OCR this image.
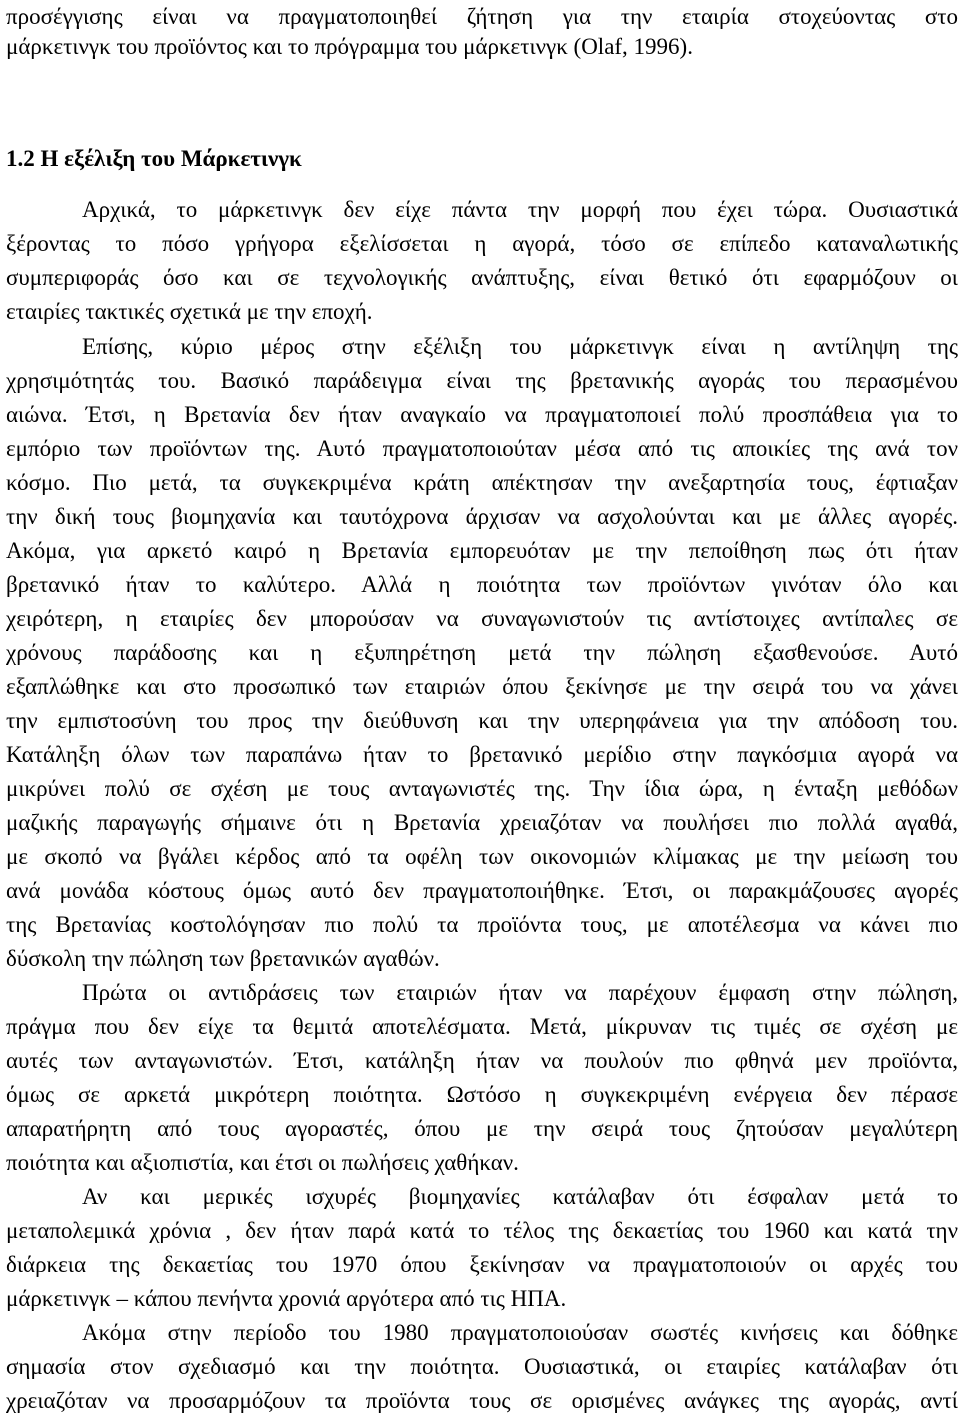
προσέγγισης είναι να πραγματοποιηθεί ζήτηση για την εταιρία στοχεύοντας στο
μάρκετινγκ του προϊόντος και το πρόγραμμα του μάρκετινγκ (Olaf, 1996).
1.2 Η εξέλιξη του Μάρκετινγκ
Αρχικά, το μάρκετινγκ δεν είχε πάντα την μορφή που έχει τώρα. Ουσιαστικά
ξέροντας το πόσο γρήγορα εξελίσσεται η αγορά, τόσο σε επίπεδο καταναλωτικής
συμπεριφοράς όσο και σε τεχνολογικής ανάπτυξης, είναι θετικό ότι εφαρμόζουν οι
εταιρίες τακτικές σχετικά με την εποχή.
Επίσης, κύριο μέρος στην εξέλιξη του μάρκετινγκ είναι η αντίληψη της
χρησιμότητάς του. Βασικό παράδειγμα είναι της βρετανικής αγοράς του περασμένου
αιώνα. Έτσι, η Βρετανία δεν ήταν αναγκαίο να πραγματοποιεί πολύ προσπάθεια για το
εμπόριο των προϊόντων της. Αυτό πραγματοποιούταν μέσα από τις αποικίες της ανά τον
κόσμο. Πιο μετά, τα συγκεκριμένα κράτη απέκτησαν την ανεξαρτησία τους, έφτιαξαν
την δική τους βιομηχανία και ταυτόχρονα άρχισαν να ασχολούνται και με άλλες αγορές.
Ακόμα, για αρκετό καιρό η Βρετανία εμπορευόταν με την πεποίθηση πως ότι ήταν
βρετανικό ήταν το καλύτερο. Αλλά η ποιότητα των προϊόντων γινόταν όλο και
χειρότερη, η εταιρίες δεν μπορούσαν να συναγωνιστούν τις αντίστοιχες αντίπαλες σε
χρόνους παράδοσης και η εξυπηρέτηση μετά την πώληση εξασθενούσε. Αυτό
εξαπλώθηκε και στο προσωπικό των εταιριών όπου ξεκίνησε με την σειρά του να χάνει
την εμπιστοσύνη του προς την διεύθυνση και την υπερηφάνεια για την απόδοση του.
Κατάληξη όλων των παραπάνω ήταν το βρετανικό μερίδιο στην παγκόσμια αγορά να
μικρύνει πολύ σε σχέση με τους ανταγωνιστές της. Την ίδια ώρα, η ένταξη μεθόδων
μαζικής παραγωγής σήμαινε ότι η Βρετανία χρειαζόταν να πουλήσει πιο πολλά αγαθά,
με σκοπό να βγάλει κέρδος από τα οφέλη των οικονομιών κλίμακας με την μείωση του
ανά μονάδα κόστους όμως αυτό δεν πραγματοποιήθηκε. Έτσι, οι παρακμάζουσες αγορές
της Βρετανίας κοστολόγησαν πιο πολύ τα προϊόντα τους, με αποτέλεσμα να κάνει πιο
δύσκολη την πώληση των βρετανικών αγαθών.
Πρώτα οι αντιδράσεις των εταιριών ήταν να παρέχουν έμφαση στην πώληση,
πράγμα που δεν είχε τα θεμιτά αποτελέσματα. Μετά, μίκρυναν τις τιμές σε σχέση με
αυτές των ανταγωνιστών. Έτσι, κατάληξη ήταν να πουλούν πιο φθηνά μεν προϊόντα,
όμως σε αρκετά μικρότερη ποιότητα. Ωστόσο η συγκεκριμένη ενέργεια δεν πέρασε
απαρατήρητη από τους αγοραστές, όπου με την σειρά τους ζητούσαν μεγαλύτερη
ποιότητα και αξιοπιστία, και έτσι οι πωλήσεις χαθήκαν.
Αν και μερικές ισχυρές βιομηχανίες κατάλαβαν ότι έσφαλαν μετά το
μεταπολεμικά χρόνια , δεν ήταν παρά κατά το τέλος της δεκαετίας του 1960 και κατά την
διάρκεια της δεκαετίας του 1970 όπου ξεκίνησαν να πραγματοποιούν οι αρχές του
μάρκετινγκ – κάπου πενήντα χρονιά αργότερα από τις ΗΠΑ.
Ακόμα στην περίοδο του 1980 πραγματοποιούσαν σωστές κινήσεις και δόθηκε
σημασία στον σχεδιασμό και την ποιότητα. Ουσιαστικά, οι εταιρίες κατάλαβαν ότι
χρειαζόταν να προσαρμόζουν τα προϊόντα τους σε ορισμένες ανάγκες της αγοράς, αντί
